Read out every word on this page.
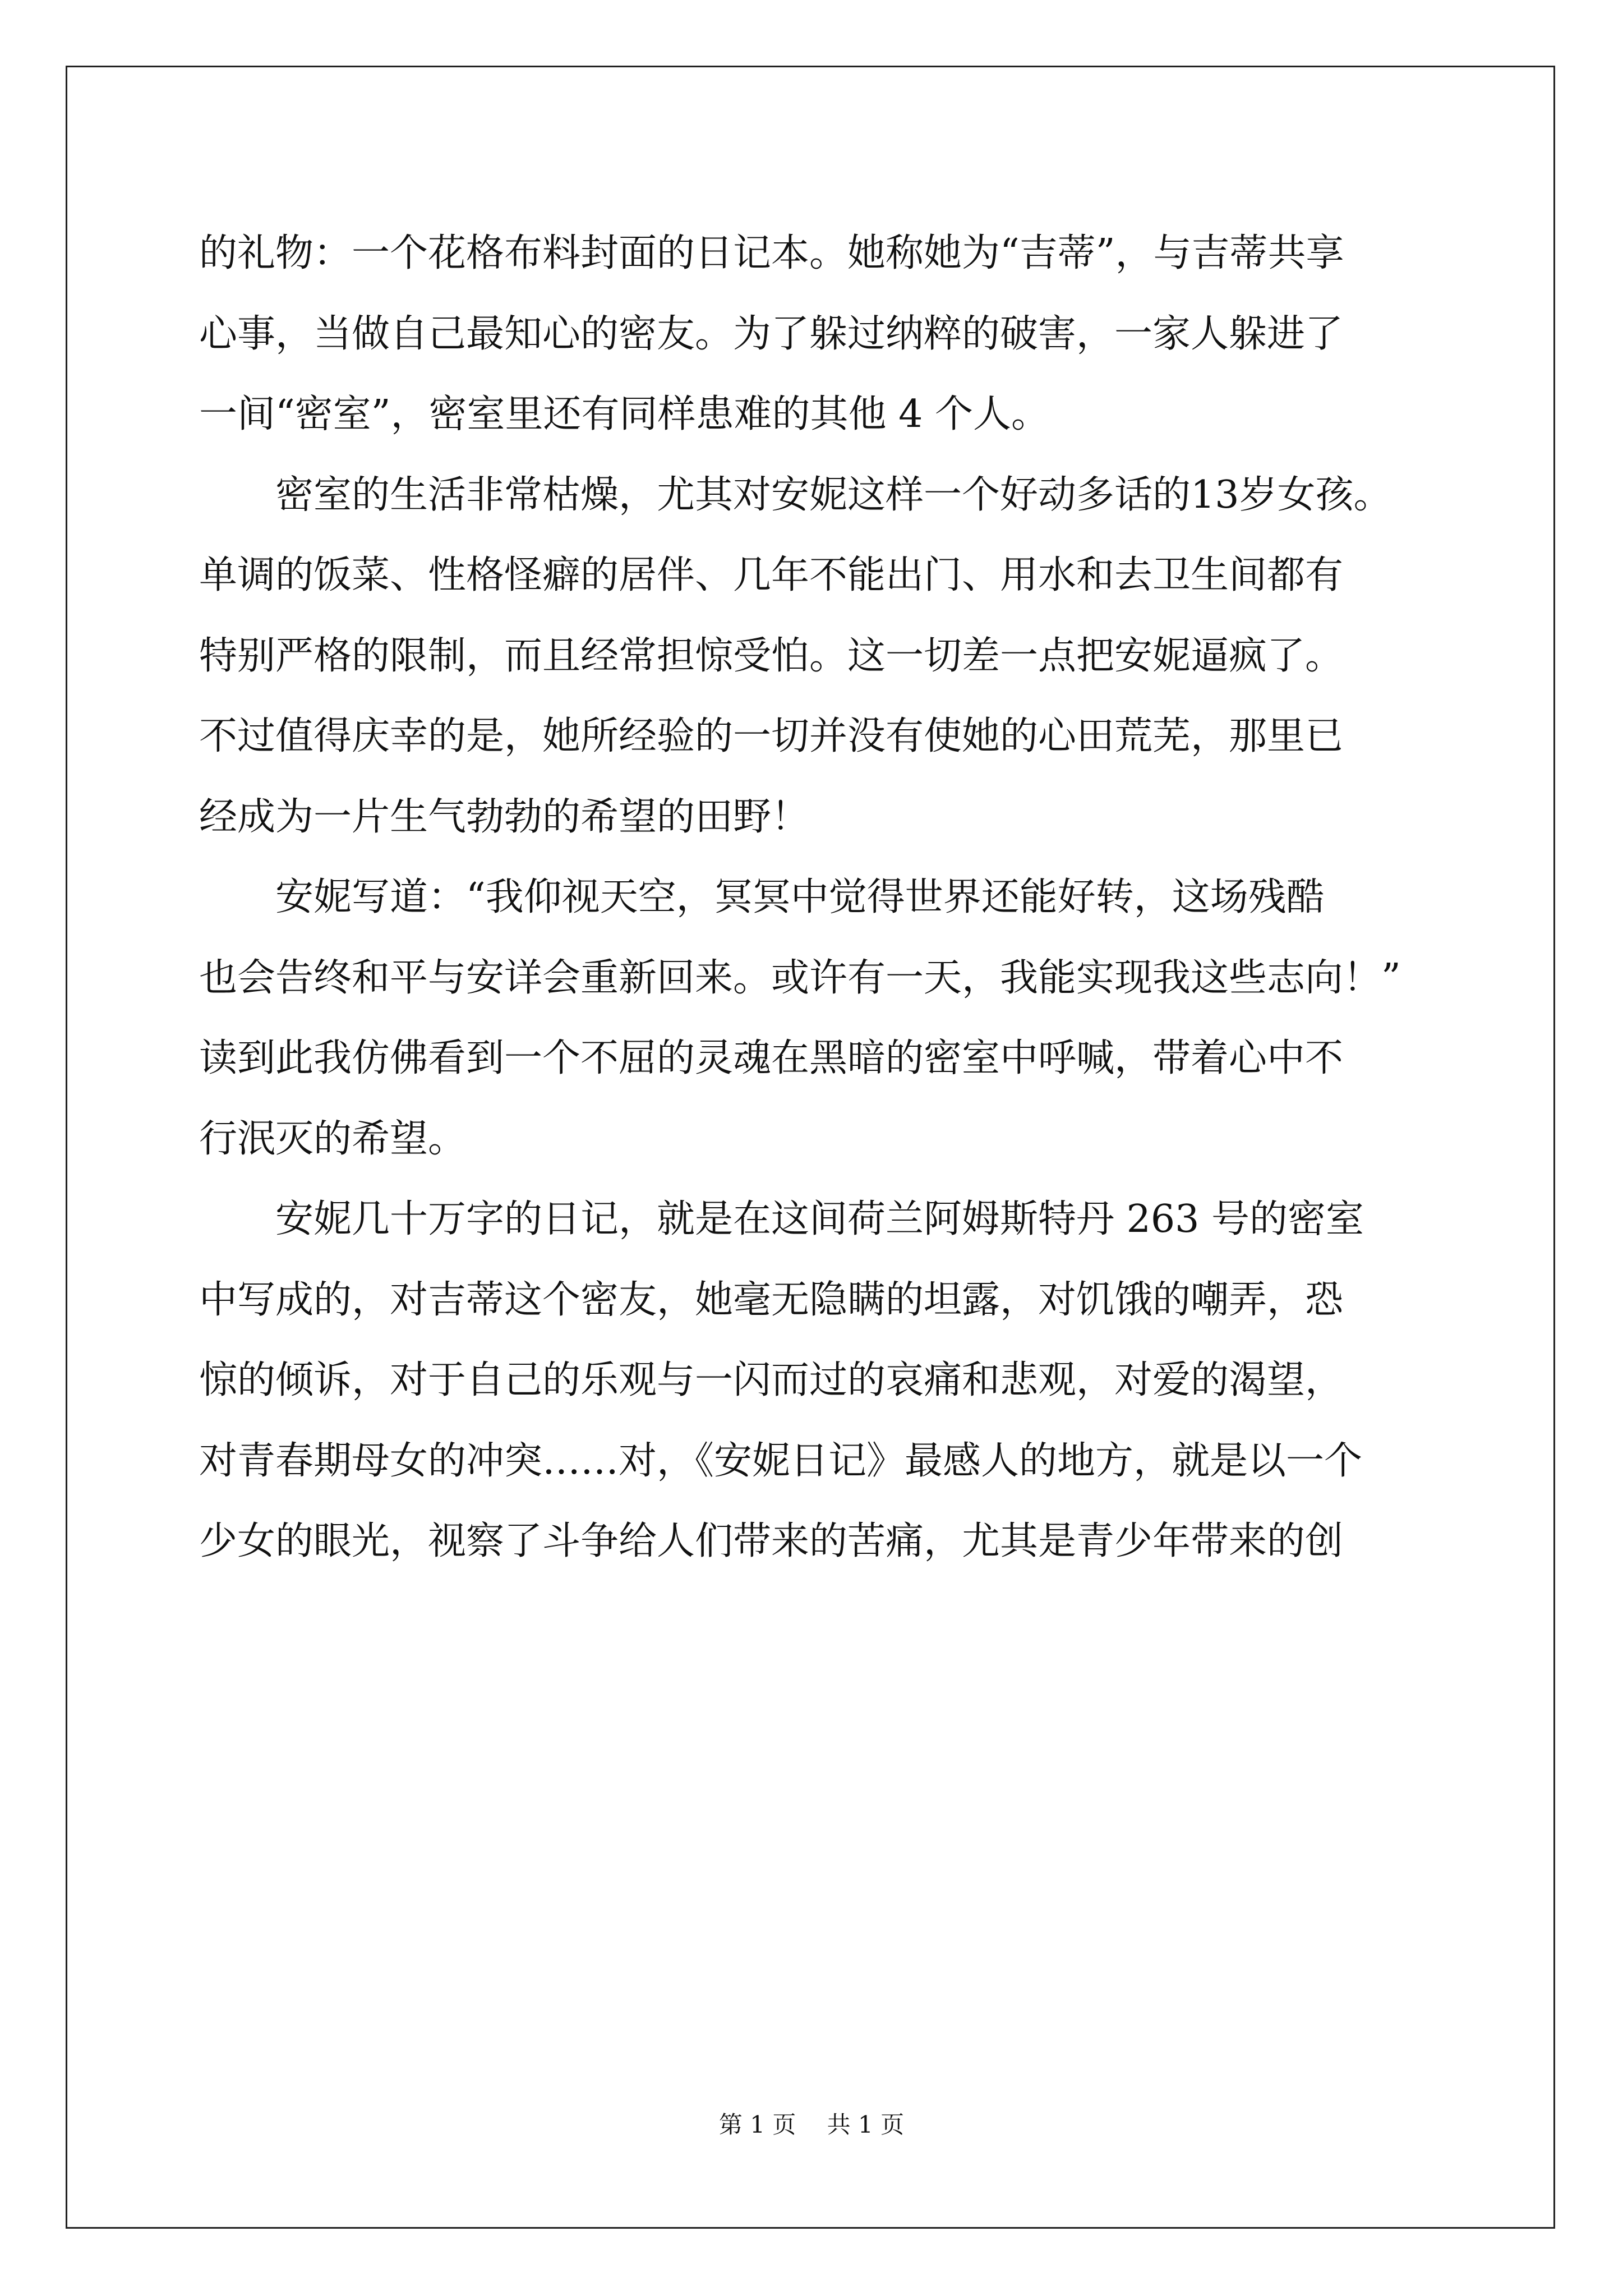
的礼物：一个花格布料封面的日记本。她称她为“吉蒂”，与吉蒂共享
心事，当做自己最知心的密友。为了躲过纳粹的破害，一家人躲进了
一间“密室”，密室里还有同样患难的其他 4 个人。
　　密室的生活非常枯燥，尤其对安妮这样一个好动多话的13岁女孩。
单调的饭菜、性格怪癖的居伴、几年不能出门、用水和去卫生间都有
特别严格的限制，而且经常担惊受怕。这一切差一点把安妮逼疯了。
不过值得庆幸的是，她所经验的一切并没有使她的心田荒芜，那里已
经成为一片生气勃勃的希望的田野！
　　安妮写道：“我仰视天空，冥冥中觉得世界还能好转，这场残酷
也会告终和平与安详会重新回来。或许有一天，我能实现我这些志向！”
读到此我仿佛看到一个不屈的灵魂在黑暗的密室中呼喊，带着心中不
行泯灭的希望。
　　安妮几十万字的日记，就是在这间荷兰阿姆斯特丹 263 号的密室
中写成的，对吉蒂这个密友，她毫无隐瞒的坦露，对饥饿的嘲弄，恐
惊的倾诉，对于自己的乐观与一闪而过的哀痛和悲观，对爱的渴望，
对青春期母女的冲突……对，《安妮日记》最感人的地方，就是以一个
少女的眼光，视察了斗争给人们带来的苦痛，尤其是青少年带来的创
第 1 页　 共 1 页
